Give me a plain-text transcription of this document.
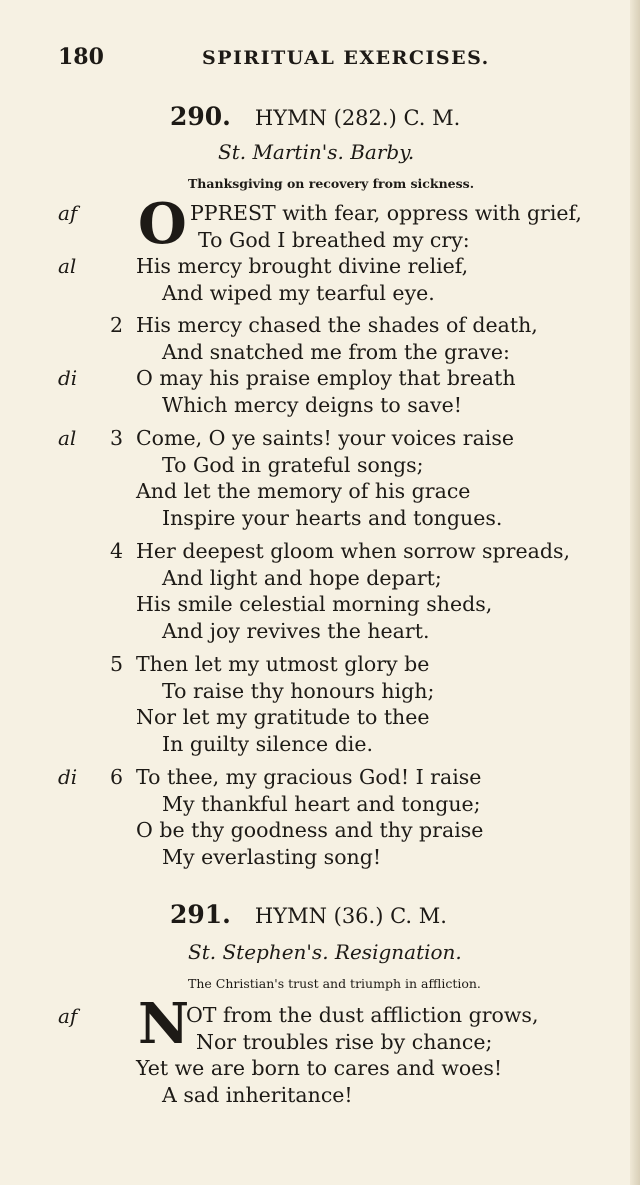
180	SPIRITUAL EXERCISES.
290. HYMN (282.) C. M.
St. Martin's. Barby.
Thanksgiving on recovery from sickness.
af O PPREST with fear, oppress with grief,
To God I breathed my cry:
al	His mercy brought divine relief,
And wiped my tearful eye.
2 His mercy chased the shades of death,
And snatched me from the grave:
di	O may his praise employ that breath
Which mercy deigns to save!
al 3 Come, O ye saints! your voices raise
To God in grateful songs;
And let the memory of his grace
Inspire your hearts and tongues.
4 Her deepest gloom when sorrow spreads,
And light and hope depart;
His smile celestial morning sheds,
And joy revives the heart.
5 Then let my utmost glory be
To raise thy honours high;
Nor let my gratitude to thee
In guilty silence die.
di 6 To thee, my gracious God! I raise
My thankful heart and tongue;
O be thy goodness and thy praise
My everlasting song!
291. HYMN (36.) C. M.
St. Stephen's. Resignation.
The Christian's trust and triumph in affliction.
af N
OT from the dust affliction grows,
Nor troubles rise by chance;
Yet we are born to cares and woes!
A sad inheritance!
